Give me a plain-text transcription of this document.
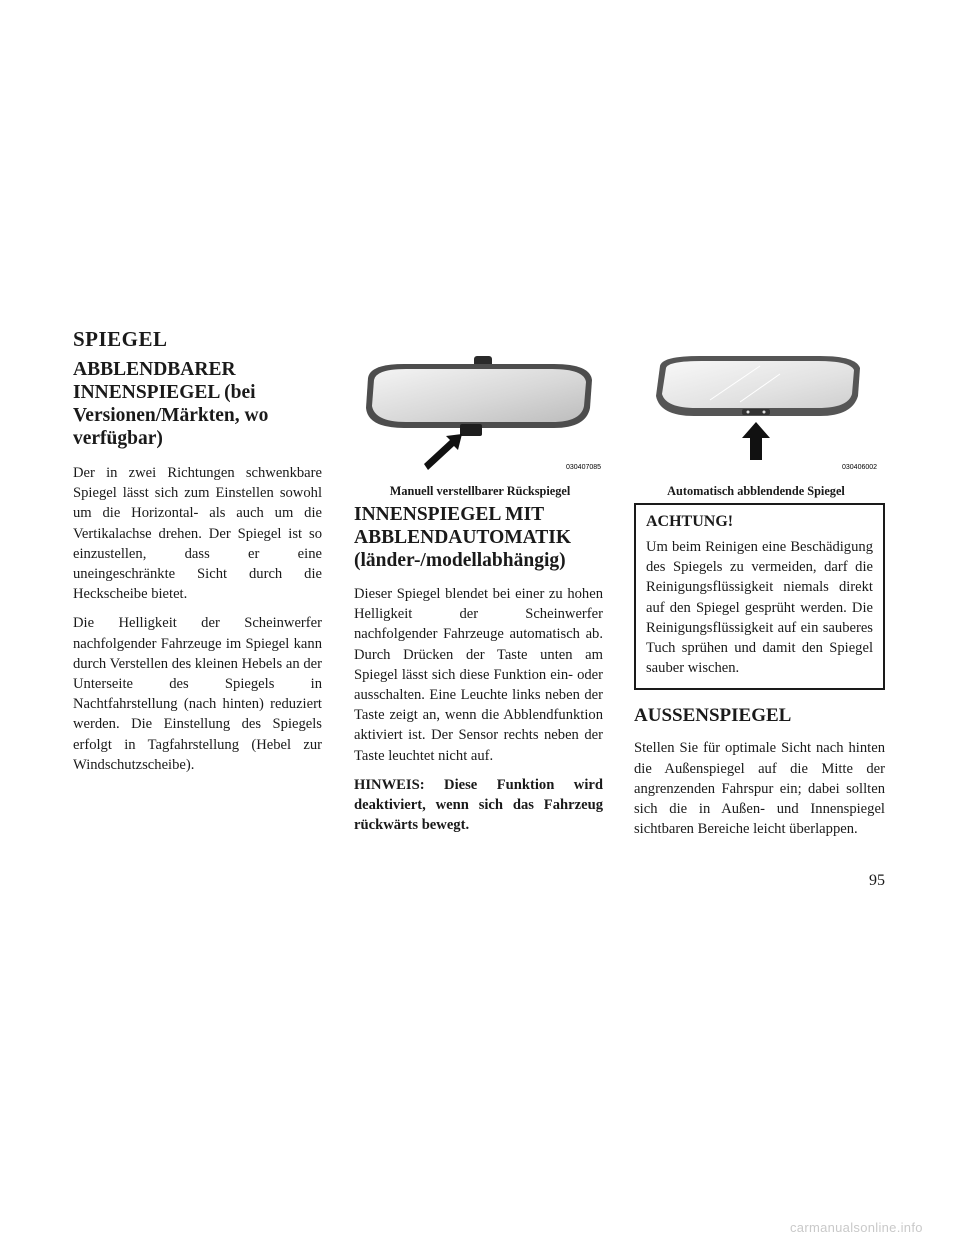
SPIEGEL
ABBLENDBARER INNENSPIEGEL (bei Versionen/Märkten, wo verfügbar)

Der in zwei Richtungen schwenkbare Spiegel lässt sich zum Einstellen sowohl um die Horizontal- als auch um die Vertikalachse drehen. Der Spiegel ist so einzustellen, dass er eine uneingeschränkte Sicht durch die Heckscheibe bietet.

Die Helligkeit der Scheinwerfer nachfolgender Fahrzeuge im Spiegel kann durch Verstellen des kleinen Hebels an der Unterseite des Spiegels in Nachtfahrstellung (nach hinten) reduziert werden. Die Einstellung des Spiegels erfolgt in Tagfahrstellung (Hebel zur Windschutzscheibe).

030407085
Manuell verstellbarer Rückspiegel
030406002
Automatisch abblendende Spiegel
INNENSPIEGEL MIT ABBLENDAUTOMATIK (länder-/modellabhängig)

Dieser Spiegel blendet bei einer zu hohen Helligkeit der Scheinwerfer nachfolgender Fahrzeuge automatisch ab. Durch Drücken der Taste unten am Spiegel lässt sich diese Funktion ein- oder ausschalten. Eine Leuchte links neben der Taste zeigt an, wenn die Abblendfunktion aktiviert ist. Der Sensor rechts neben der Taste leuchtet nicht auf.

HINWEIS: Diese Funktion wird deaktiviert, wenn sich das Fahrzeug rückwärts bewegt.

ACHTUNG!

Um beim Reinigen eine Beschädigung des Spiegels zu vermeiden, darf die Reinigungsflüssigkeit niemals direkt auf den Spiegel gesprüht werden. Die Reinigungsflüssigkeit auf ein sauberes Tuch sprühen und damit den Spiegel sauber wischen.

AUSSENSPIEGEL

Stellen Sie für optimale Sicht nach hinten die Außenspiegel auf die Mitte der angrenzenden Fahrspur ein; dabei sollten sich die in Außen- und Innenspiegel sichtbaren Bereiche leicht überlappen.

95
carmanualsonline.info
